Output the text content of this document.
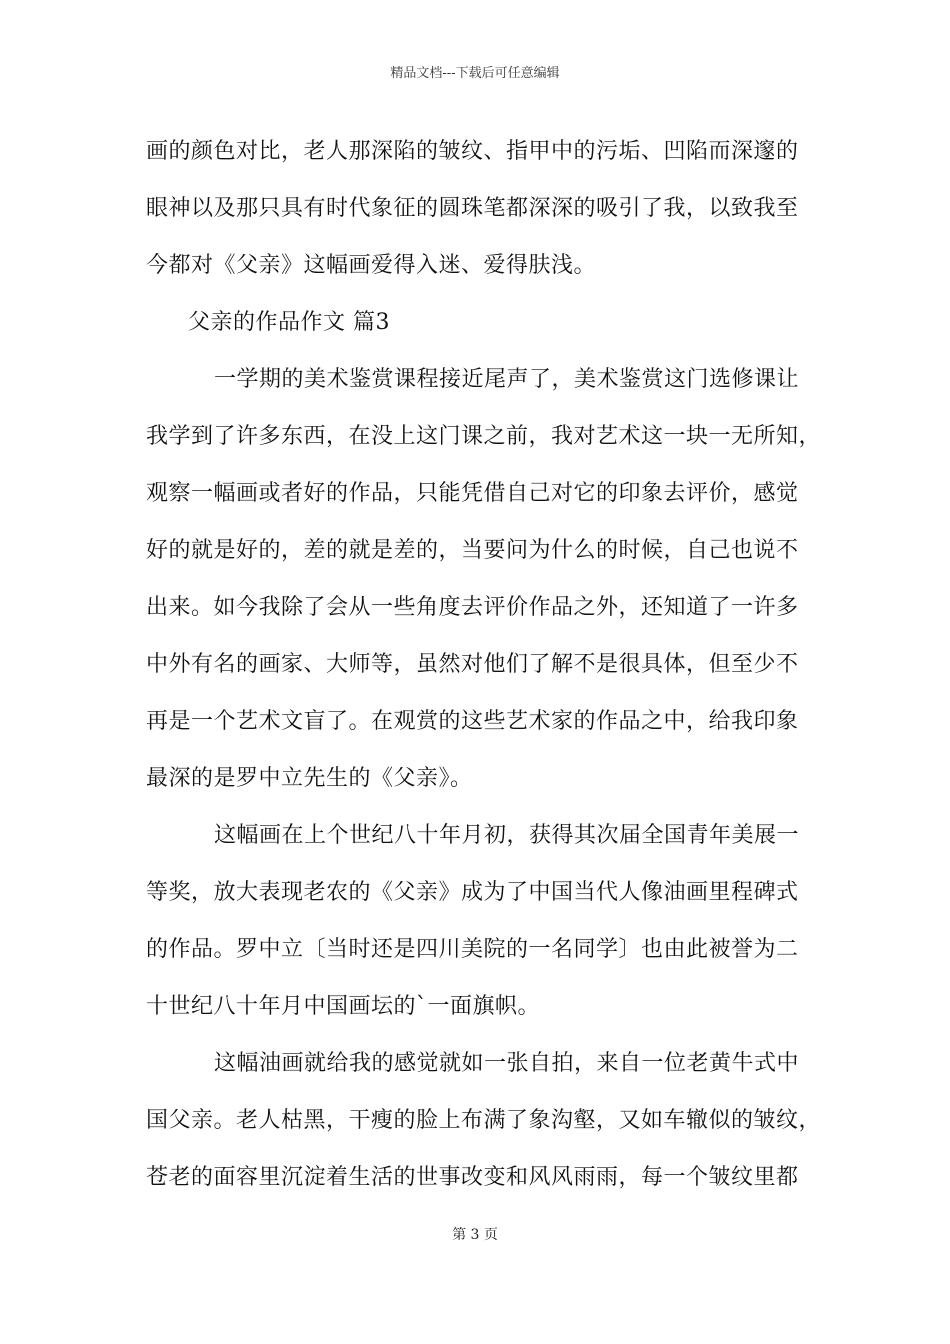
精品文档---下载后可任意编辑
画的颜色对比，老人那深陷的皱纹、指甲中的污垢、凹陷而深邃的
眼神以及那只具有时代象征的圆珠笔都深深的吸引了我，以致我至
今都对《父亲》这幅画爱得入迷、爱得肤浅。
父亲的作品作文 篇3
一学期的美术鉴赏课程接近尾声了，美术鉴赏这门选修课让
我学到了许多东西，在没上这门课之前，我对艺术这一块一无所知，
观察一幅画或者好的作品，只能凭借自己对它的印象去评价，感觉
好的就是好的，差的就是差的，当要问为什么的时候，自己也说不
出来。如今我除了会从一些角度去评价作品之外，还知道了一许多
中外有名的画家、大师等，虽然对他们了解不是很具体，但至少不
再是一个艺术文盲了。在观赏的这些艺术家的作品之中，给我印象
最深的是罗中立先生的《父亲》。
这幅画在上个世纪八十年月初，获得其次届全国青年美展一
等奖，放大表现老农的《父亲》成为了中国当代人像油画里程碑式
的作品。罗中立〔当时还是四川美院的一名同学〕也由此被誉为二
十世纪八十年月中国画坛的`一面旗帜。
这幅油画就给我的感觉就如一张自拍，来自一位老黄牛式中
国父亲。老人枯黑，干瘦的脸上布满了象沟壑，又如车辙似的皱纹，
苍老的面容里沉淀着生活的世事改变和风风雨雨，每一个皱纹里都
第 3 页
